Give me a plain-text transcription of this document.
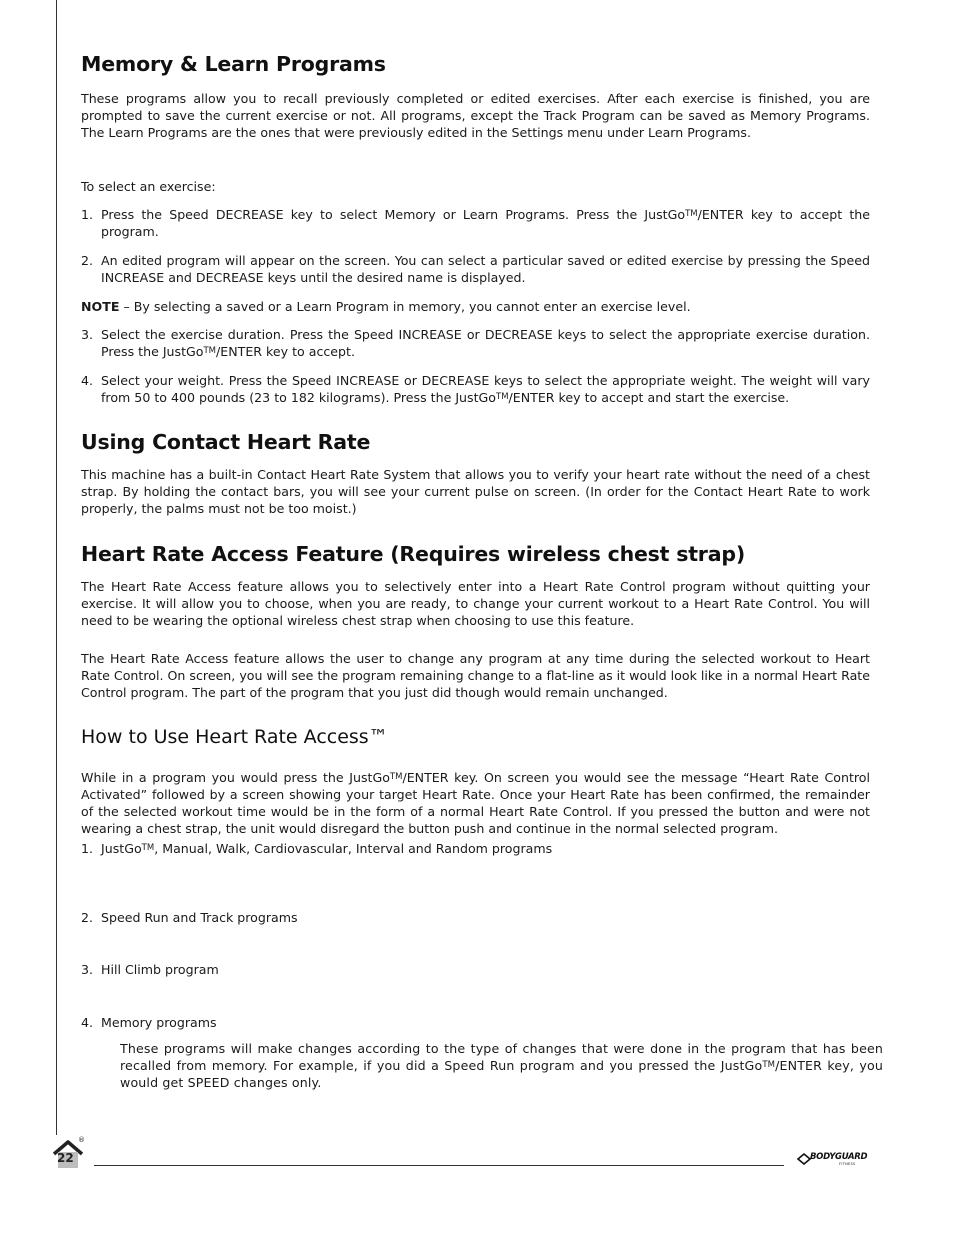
Memory & Learn Programs

These programs allow you to recall previously completed or edited exercises. After each exercise is finished, you are prompted to save the current exercise or not. All programs, except the Track Program can be saved as Memory Programs. The Learn Programs are the ones that were previously edited in the Settings menu under Learn Programs.

To select an exercise:

1. Press the Speed DECREASE key to select Memory or Learn Programs. Press the JustGo™/ENTER key to accept the program.
2. An edited program will appear on the screen. You can select a particular saved or edited exercise by pressing the Speed INCREASE and DECREASE keys until the desired name is displayed.

NOTE – By selecting a saved or a Learn Program in memory, you cannot enter an exercise level.

3. Select the exercise duration. Press the Speed INCREASE or DECREASE keys to select the appropriate exercise duration. Press the JustGo™/ENTER key to accept.
4. Select your weight. Press the Speed INCREASE or DECREASE keys to select the appropriate weight. The weight will vary from 50 to 400 pounds (23 to 182 kilograms). Press the JustGo™/ENTER key to accept and start the exercise.
Using Contact Heart Rate

This machine has a built-in Contact Heart Rate System that allows you to verify your heart rate without the need of a chest strap. By holding the contact bars, you will see your current pulse on screen. (In order for the Contact Heart Rate to work properly, the palms must not be too moist.)

Heart Rate Access Feature (Requires wireless chest strap)

The Heart Rate Access feature allows you to selectively enter into a Heart Rate Control program without quitting your exercise. It will allow you to choose, when you are ready, to change your current workout to a Heart Rate Control. You will need to be wearing the optional wireless chest strap when choosing to use this feature.

The Heart Rate Access feature allows the user to change any program at any time during the selected workout to Heart Rate Control. On screen, you will see the program remaining change to a flat-line as it would look like in a normal Heart Rate Control program. The part of the program that you just did though would remain unchanged.

How to Use Heart Rate Access™

While in a program you would press the JustGo™/ENTER key. On screen you would see the message “Heart Rate Control Activated” followed by a screen showing your target Heart Rate. Once your Heart Rate has been confirmed, the remainder of the selected workout time would be in the form of a normal Heart Rate Control. If you pressed the button and were not wearing a chest strap, the unit would disregard the button push and continue in the normal selected program.

1. JustGo™, Manual, Walk, Cardiovascular, Interval and Random programs
2. Speed Run and Track programs
3. Hill Climb program
4. Memory programs

These programs will make changes according to the type of changes that were done in the program that has been recalled from memory. For example, if you did a Speed Run program and you pressed the JustGo™/ENTER key, you would get SPEED changes only.

22
®
BODYGUARD
FITNESS
